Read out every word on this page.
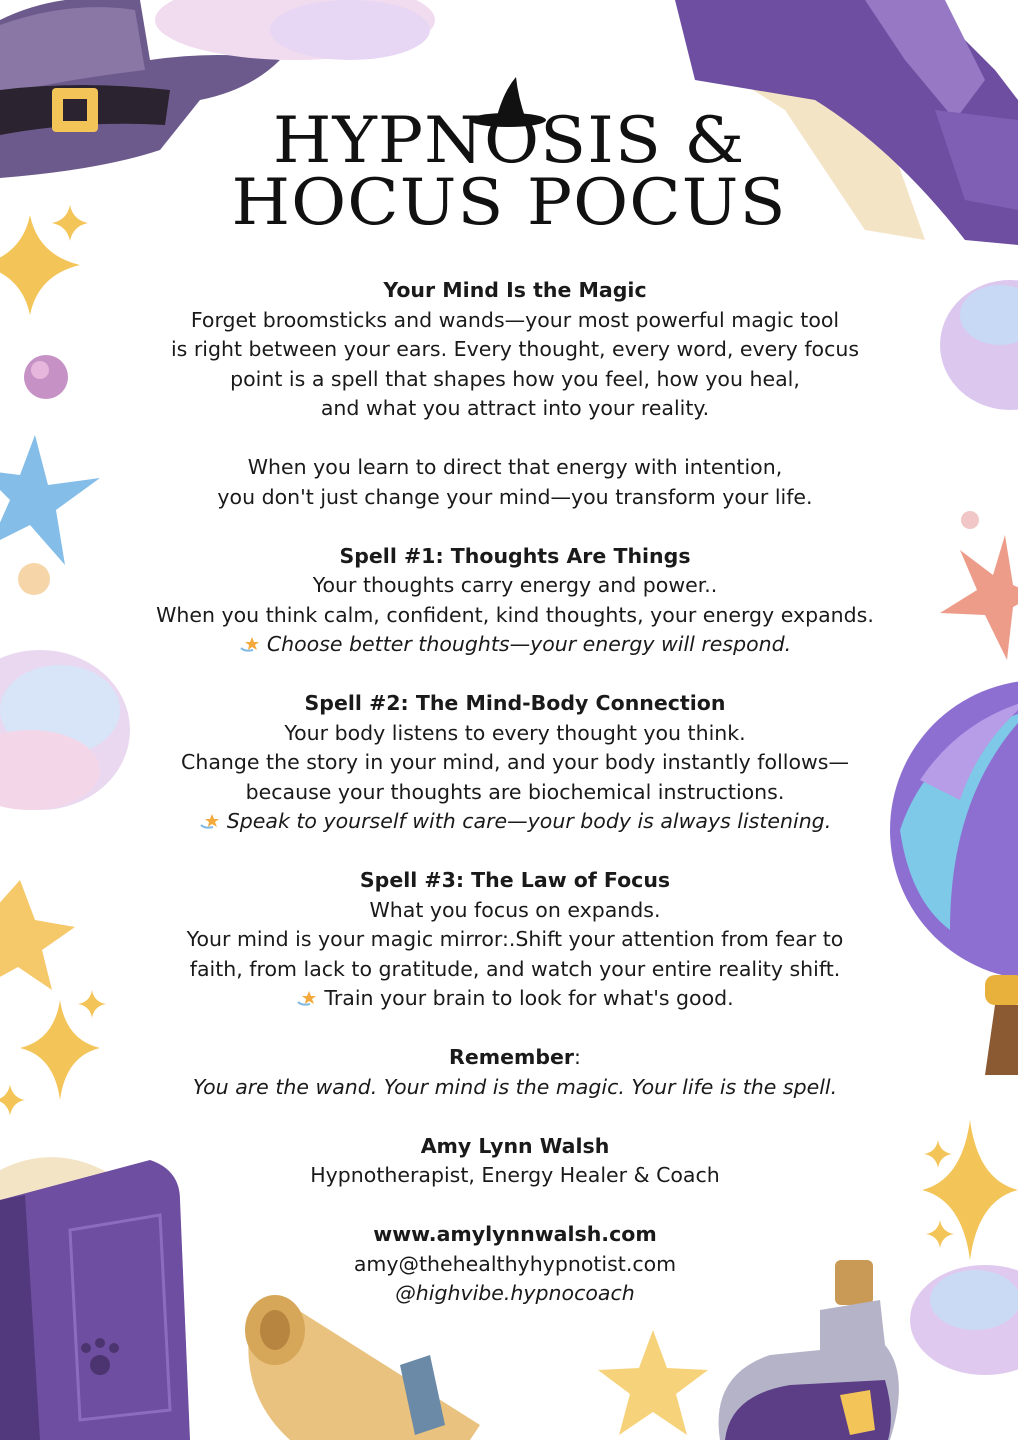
HYPNOSIS &
HOCUS POCUS

Your Mind Is the Magic

Forget broomsticks and wands—your most powerful magic tool

is right between your ears. Every thought, every word, every focus

point is a spell that shapes how you feel, how you heal,

and what you attract into your reality.

When you learn to direct that energy with intention,

you don't just change your mind—you transform your life.

Spell #1: Thoughts Are Things

Your thoughts carry energy and power..

When you think calm, confident, kind thoughts, your energy expands.

Choose better thoughts—your energy will respond.

Spell #2: The Mind-Body Connection

Your body listens to every thought you think.

Change the story in your mind, and your body instantly follows—

because your thoughts are biochemical instructions.

Speak to yourself with care—your body is always listening.

Spell #3: The Law of Focus

What you focus on expands.

Your mind is your magic mirror:.Shift your attention from fear to

faith, from lack to gratitude, and watch your entire reality shift.

Train your brain to look for what's good.

Remember:

You are the wand. Your mind is the magic. Your life is the spell.

Amy Lynn Walsh

Hypnotherapist, Energy Healer & Coach

www.amylynnwalsh.com

amy@thehealthyhypnotist.com

@highvibe.hypnocoach
